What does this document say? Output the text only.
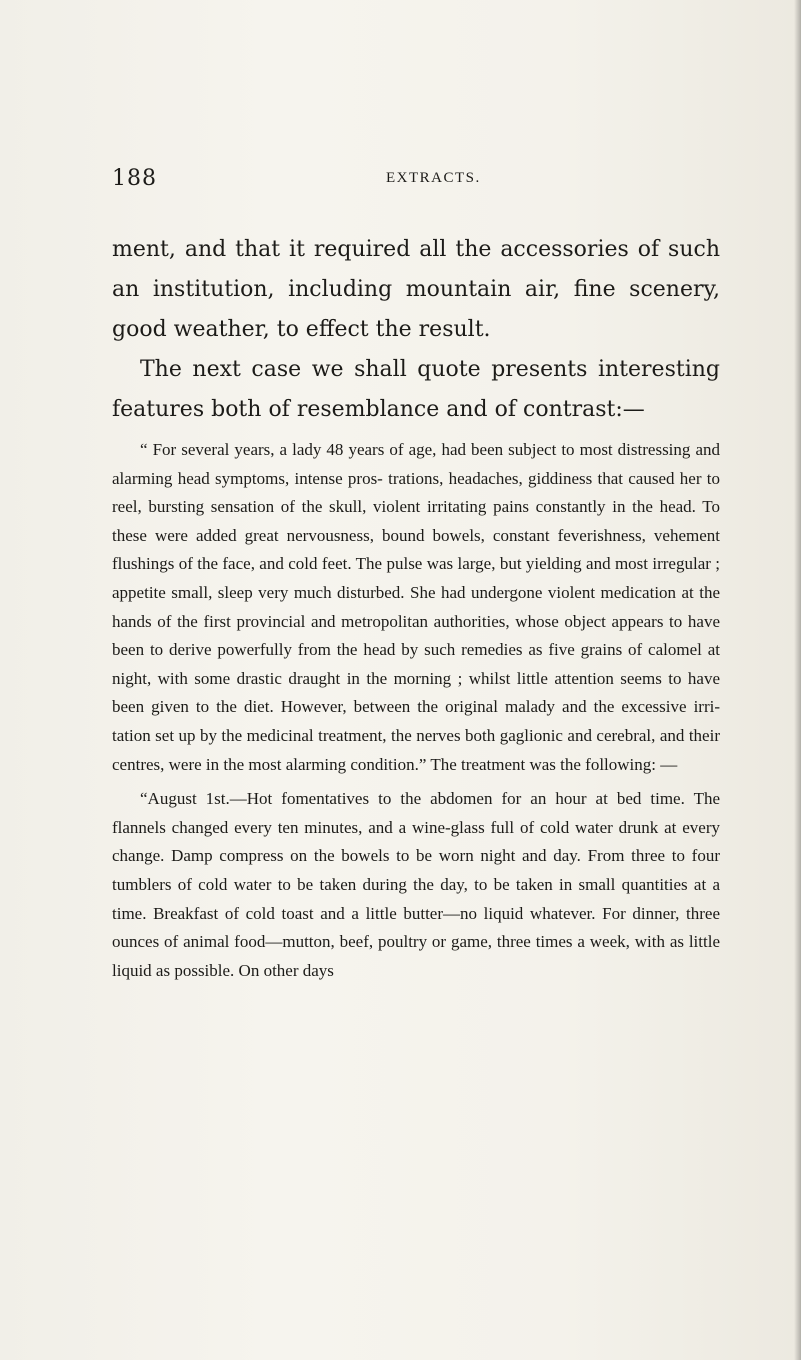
188	EXTRACTS.

ment, and that it required all the accessories of such an institution, including mountain air, fine scenery, good weather, to effect the result.

The next case we shall quote presents interesting features both of resemblance and of contrast:—

“ For several years, a lady 48 years of age, had been subject to most distressing and alarming head symptoms, intense pros- trations, headaches, giddiness that caused her to reel, bursting sensation of the skull, violent irritating pains constantly in the head. To these were added great nervousness, bound bowels, constant feverishness, vehement flushings of the face, and cold feet. The pulse was large, but yielding and most irregular ; appetite small, sleep very much disturbed. She had undergone violent medication at the hands of the first provincial and metropolitan authorities, whose object appears to have been to derive powerfully from the head by such remedies as five grains of calomel at night, with some drastic draught in the morning ; whilst little attention seems to have been given to the diet. However, between the original malady and the excessive irri- tation set up by the medicinal treatment, the nerves both gaglionic and cerebral, and their centres, were in the most alarming condition.” The treatment was the following: —

“August 1st.—Hot fomentatives to the abdomen for an hour at bed time. The flannels changed every ten minutes, and a wine-glass full of cold water drunk at every change. Damp compress on the bowels to be worn night and day. From three to four tumblers of cold water to be taken during the day, to be taken in small quantities at a time. Breakfast of cold toast and a little butter—no liquid whatever. For dinner, three ounces of animal food—mutton, beef, poultry or game, three times a week, with as little liquid as possible. On other days
